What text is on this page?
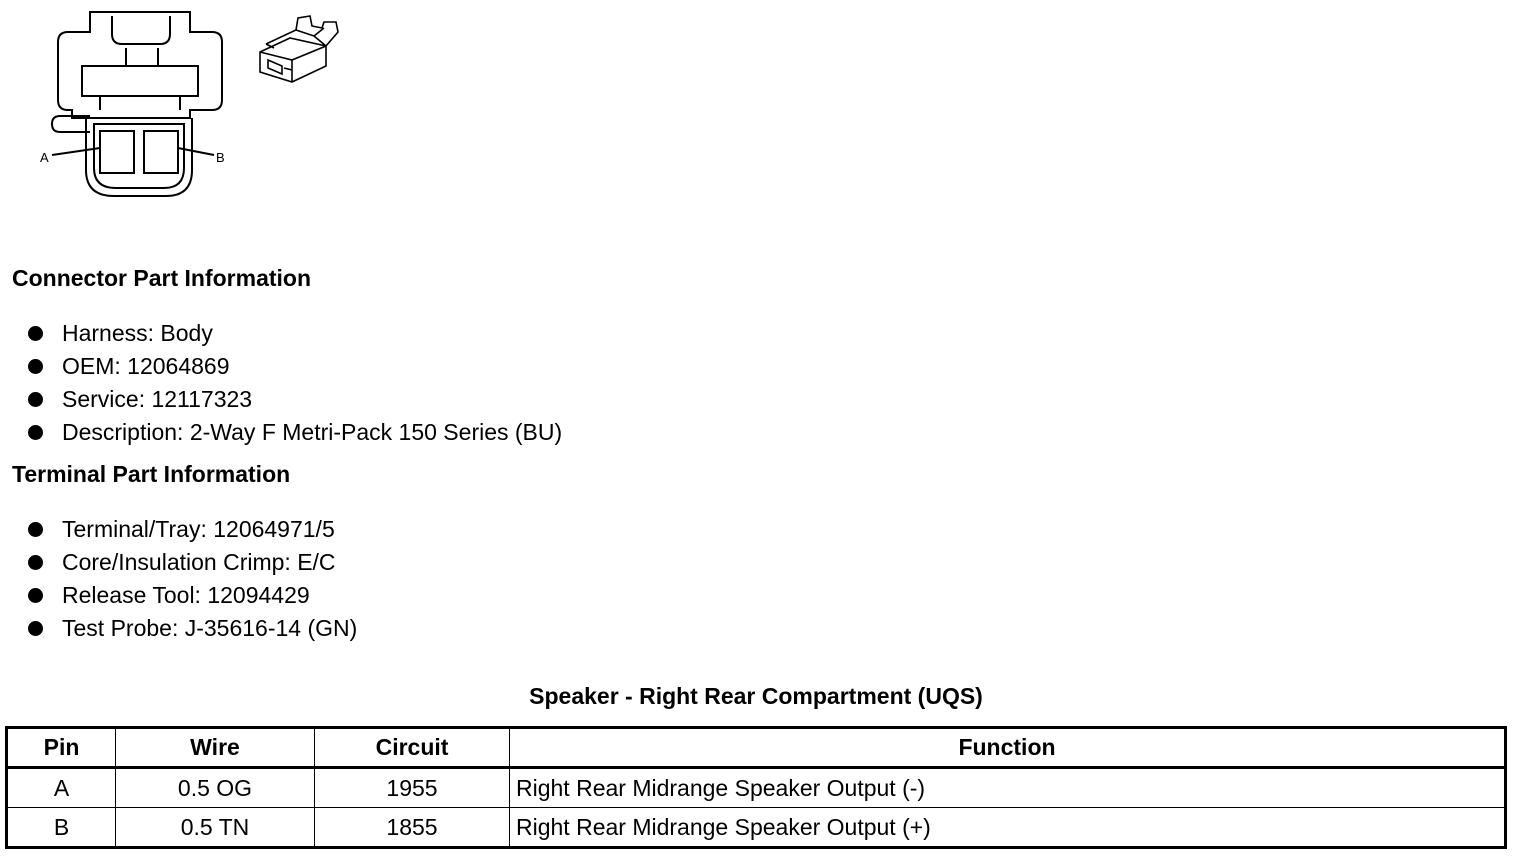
A	B
Connector Part Information
Harness: Body
OEM: 12064869
Service: 12117323
Description: 2-Way F Metri-Pack 150 Series (BU)
Terminal Part Information
Terminal/Tray: 12064971/5
Core/Insulation Crimp: E/C
Release Tool: 12094429
Test Probe: J-35616-14 (GN)
Speaker - Right Rear Compartment (UQS)
Pin	Wire	Circuit	Function
A	0.5 OG	1955	Right Rear Midrange Speaker Output (-)
B	0.5 TN	1855	Right Rear Midrange Speaker Output (+)
